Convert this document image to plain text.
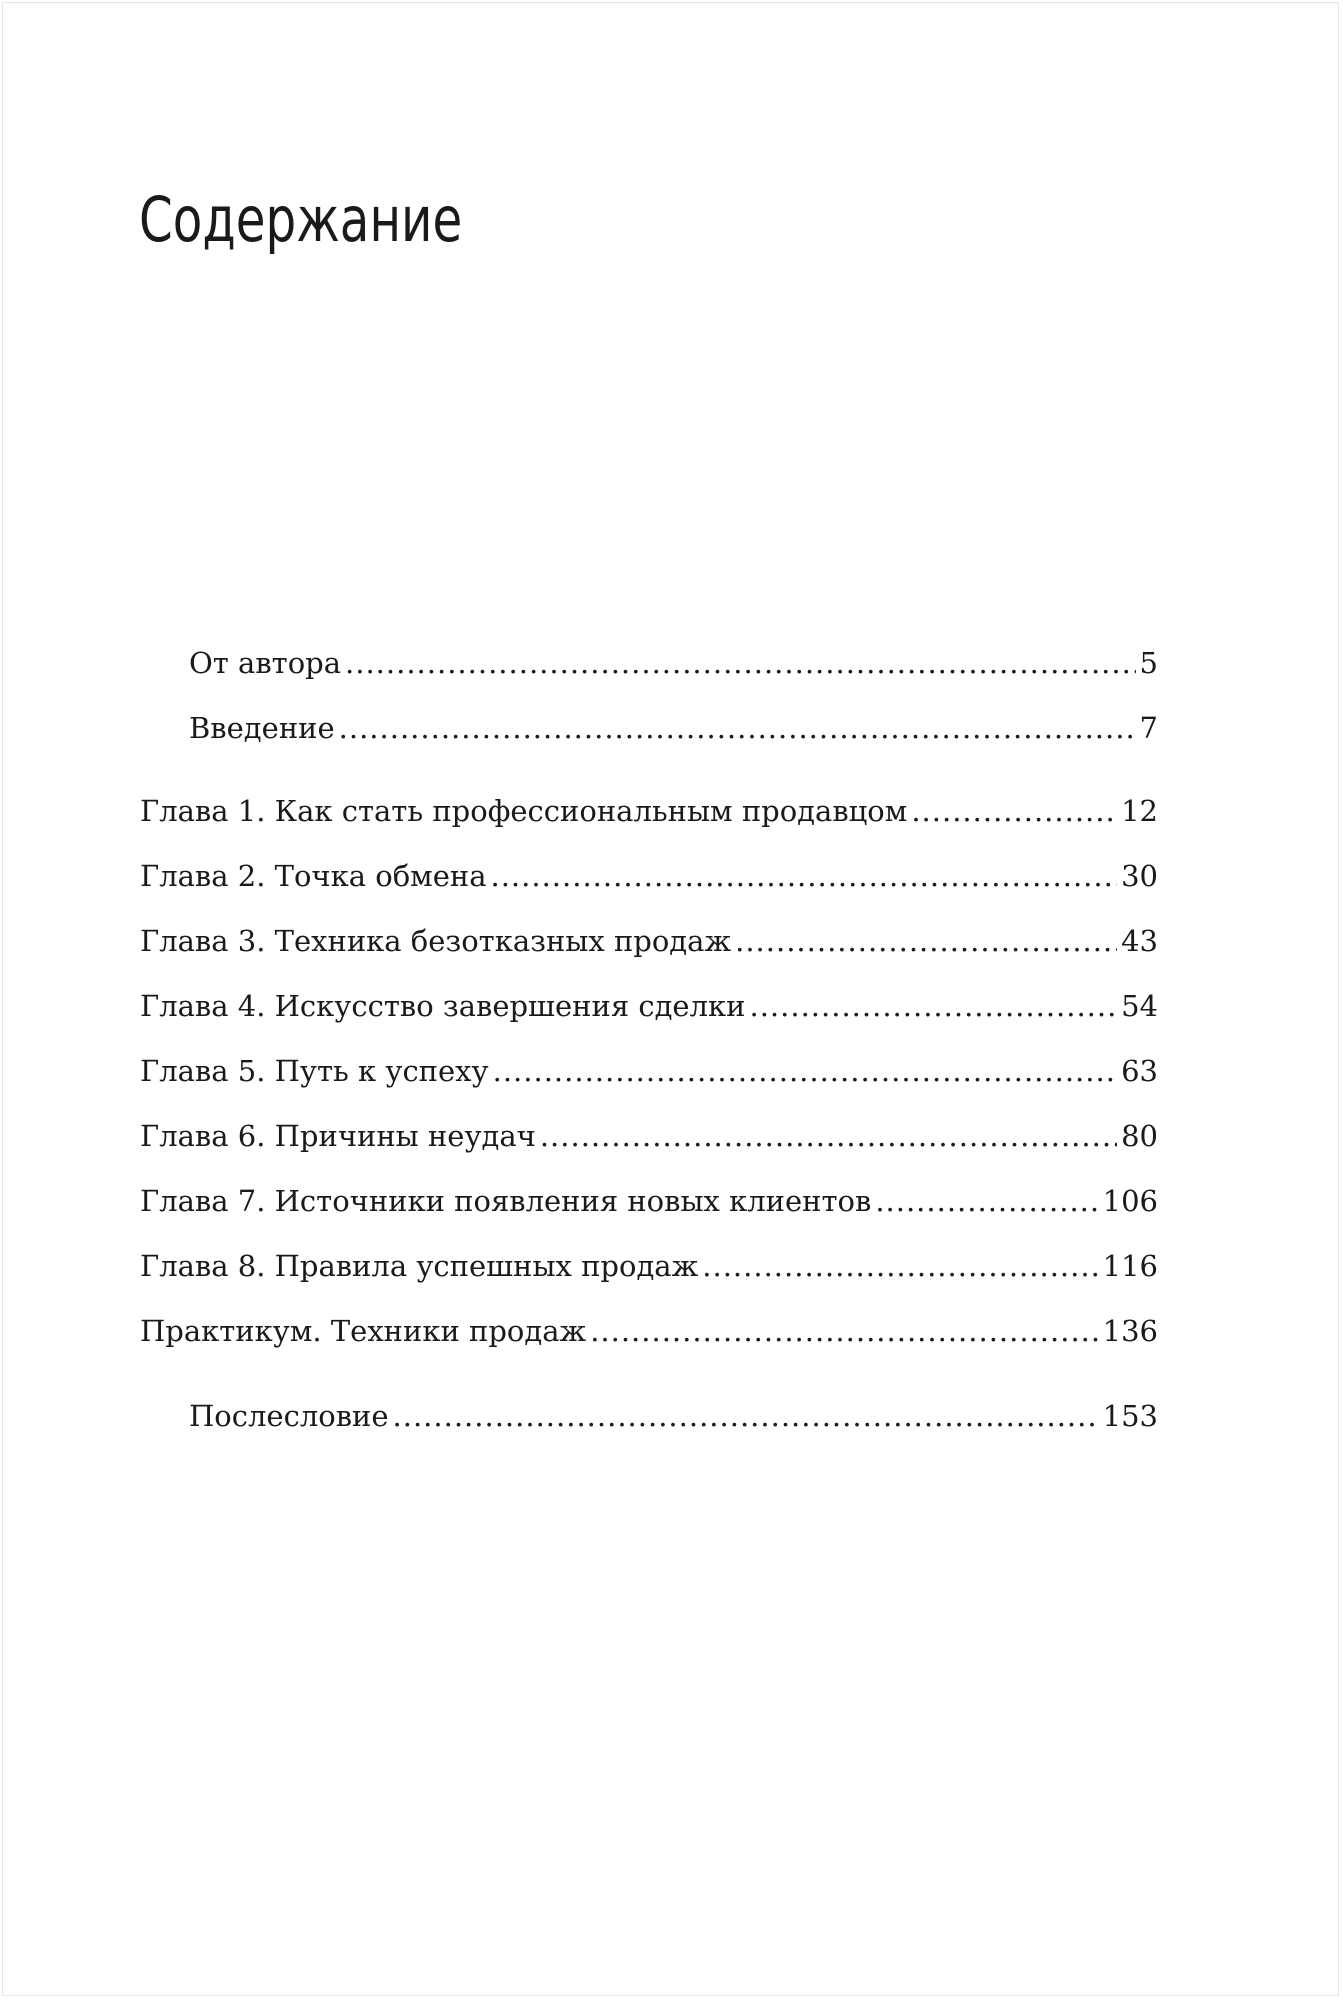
Содержание
От автора .....	5
Введение .....	7
Глава 1. Как стать профессиональным продавцом .....	12
Глава 2. Точка обмена .....	30
Глава 3. Техника безотказных продаж .....	43
Глава 4. Искусство завершения сделки .....	54
Глава 5. Путь к успеху .....	63
Глава 6. Причины неудач .....	80
Глава 7. Источники появления новых клиентов .....	106
Глава 8. Правила успешных продаж .....	116
Практикум. Техники продаж .....	136
Послесловие .....	153
